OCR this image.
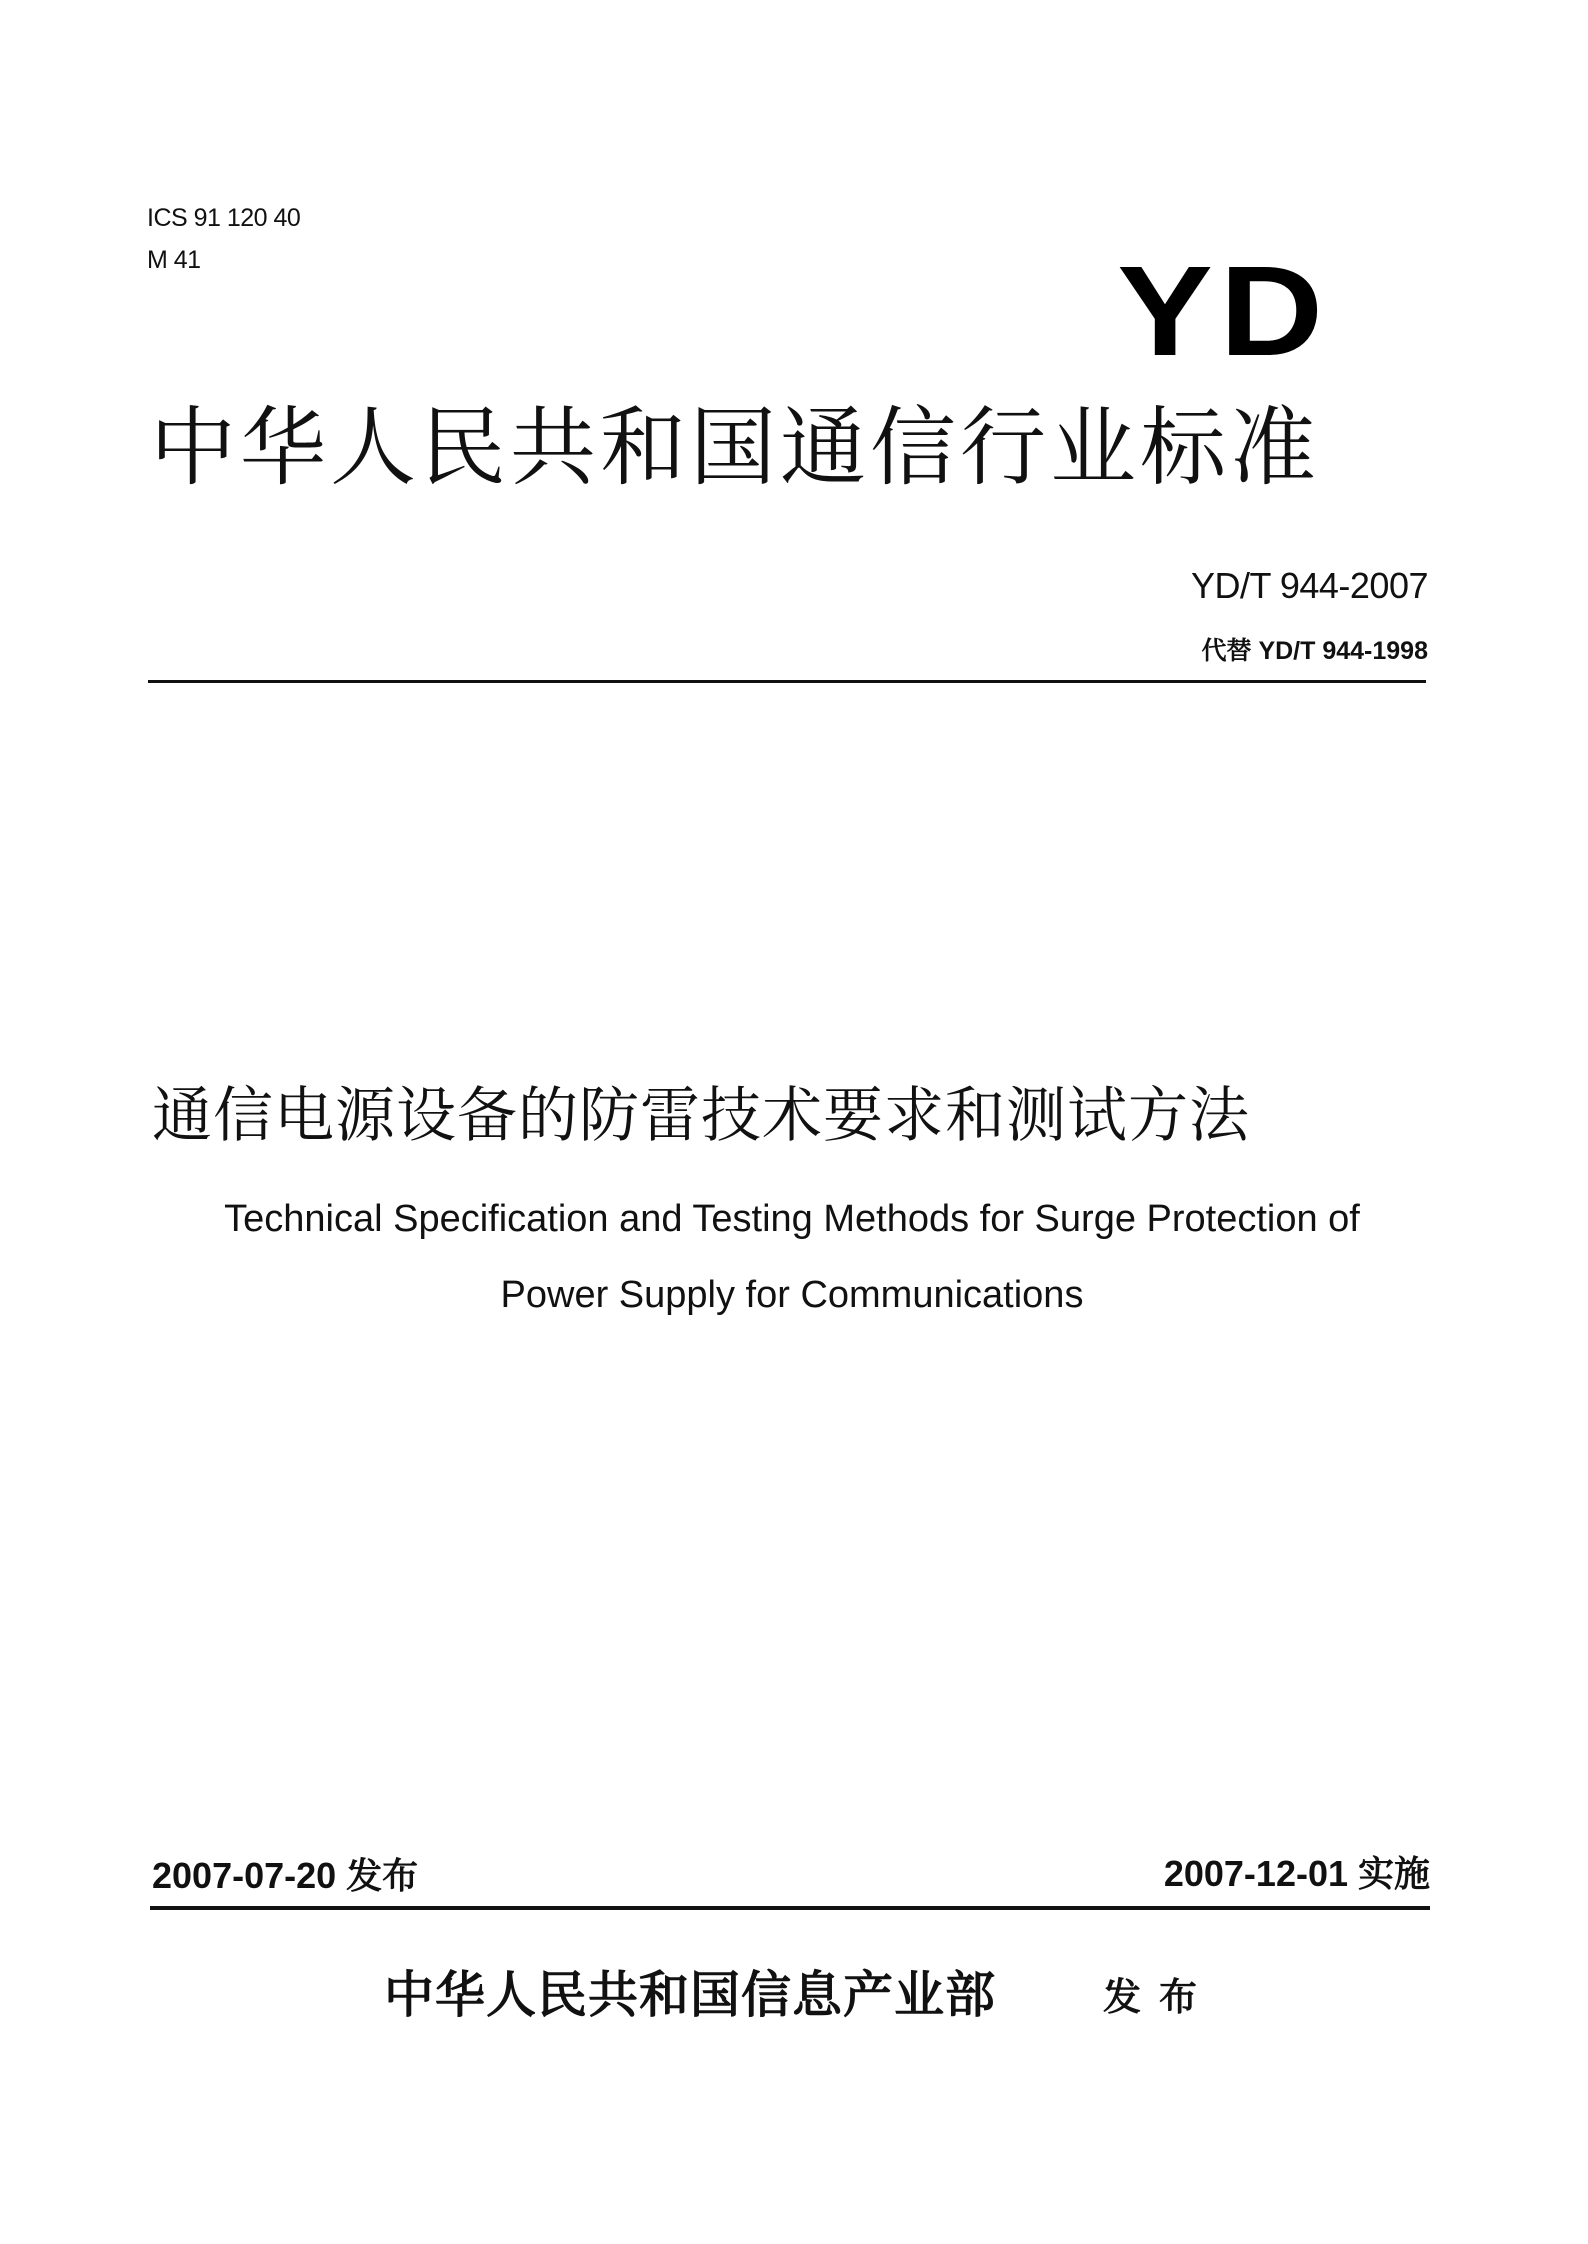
ICS 91 120 40
M 41	YD
中华人民共和国通信行业标准
YD/T 944-2007
代替 YD/T 944-1998
通信电源设备的防雷技术要求和测试方法
Technical Specification and Testing Methods for Surge Protection of
Power Supply for Communications
2007-07-20 发布	2007-12-01 实施
中华人民共和国信息产业部	发布
